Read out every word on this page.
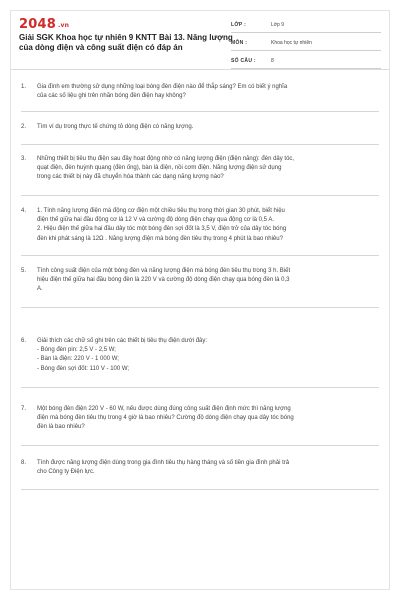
2048 .vn
Giải SGK Khoa học tự nhiên 9 KNTT Bài 13. Năng lượng
của dòng điện và công suất điện có đáp án
LỚP :	Lớp 9
MÔN :	Khoa học tự nhiên
SỐ CÂU :	8
1.	Gia đình em thường sử dụng những loại bóng đèn điện nào để thắp sáng? Em có biết ý nghĩa
của các số liệu ghi trên nhãn bóng đèn điện hay không?
2.	Tìm ví dụ trong thực tế chứng tỏ dòng điện có năng lượng.
3.	Những thiết bị tiêu thụ điện sau đây hoạt động nhờ có năng lượng điện (điện năng): đèn dây tóc,
quạt điện, đèn huỳnh quang (đèn ống), bàn là điện, nồi cơm điện. Năng lượng điện sử dụng
trong các thiết bị này đã chuyển hóa thành các dạng năng lượng nào?
4.	1. Tính năng lượng điện mà động cơ điện một chiều tiêu thụ trong thời gian 30 phút, biết hiệu
điện thế giữa hai đầu động cơ là 12 V và cường độ dòng điện chạy qua động cơ là 0,5 A.
2. Hiệu điện thế giữa hai đầu dây tóc một bóng đèn sợi đốt là 3,5 V, điện trở của dây tóc bóng
đèn khi phát sáng là 12Ω . Năng lượng điện mà bóng đèn tiêu thụ trong 4 phút là bao nhiêu?
5.	Tính công suất điện của một bóng đèn và năng lượng điện mà bóng đèn tiêu thụ trong 3 h. Biết
hiệu điện thế giữa hai đầu bóng đèn là 220 V và cường độ dòng điện chạy qua bóng đèn là 0,3
A.
6.	Giải thích các chữ số ghi trên các thiết bị tiêu thụ điện dưới đây:
- Bóng đèn pin: 2,5 V - 2,5 W;
- Bàn là điện: 220 V - 1 000 W;
- Bóng đèn sợi đốt: 110 V - 100 W;
7.	Một bóng đèn điện 220 V - 60 W, nếu được dùng đúng công suất điện định mức thì năng lượng
điện mà bóng đèn tiêu thụ trong 4 giờ là bao nhiêu? Cường độ dòng điện chạy qua dây tóc bóng
đèn là bao nhiêu?
8.	Tính được năng lượng điện dùng trong gia đình tiêu thụ hàng tháng và số tiền gia đình phải trả
cho Công ty Điện lực.
